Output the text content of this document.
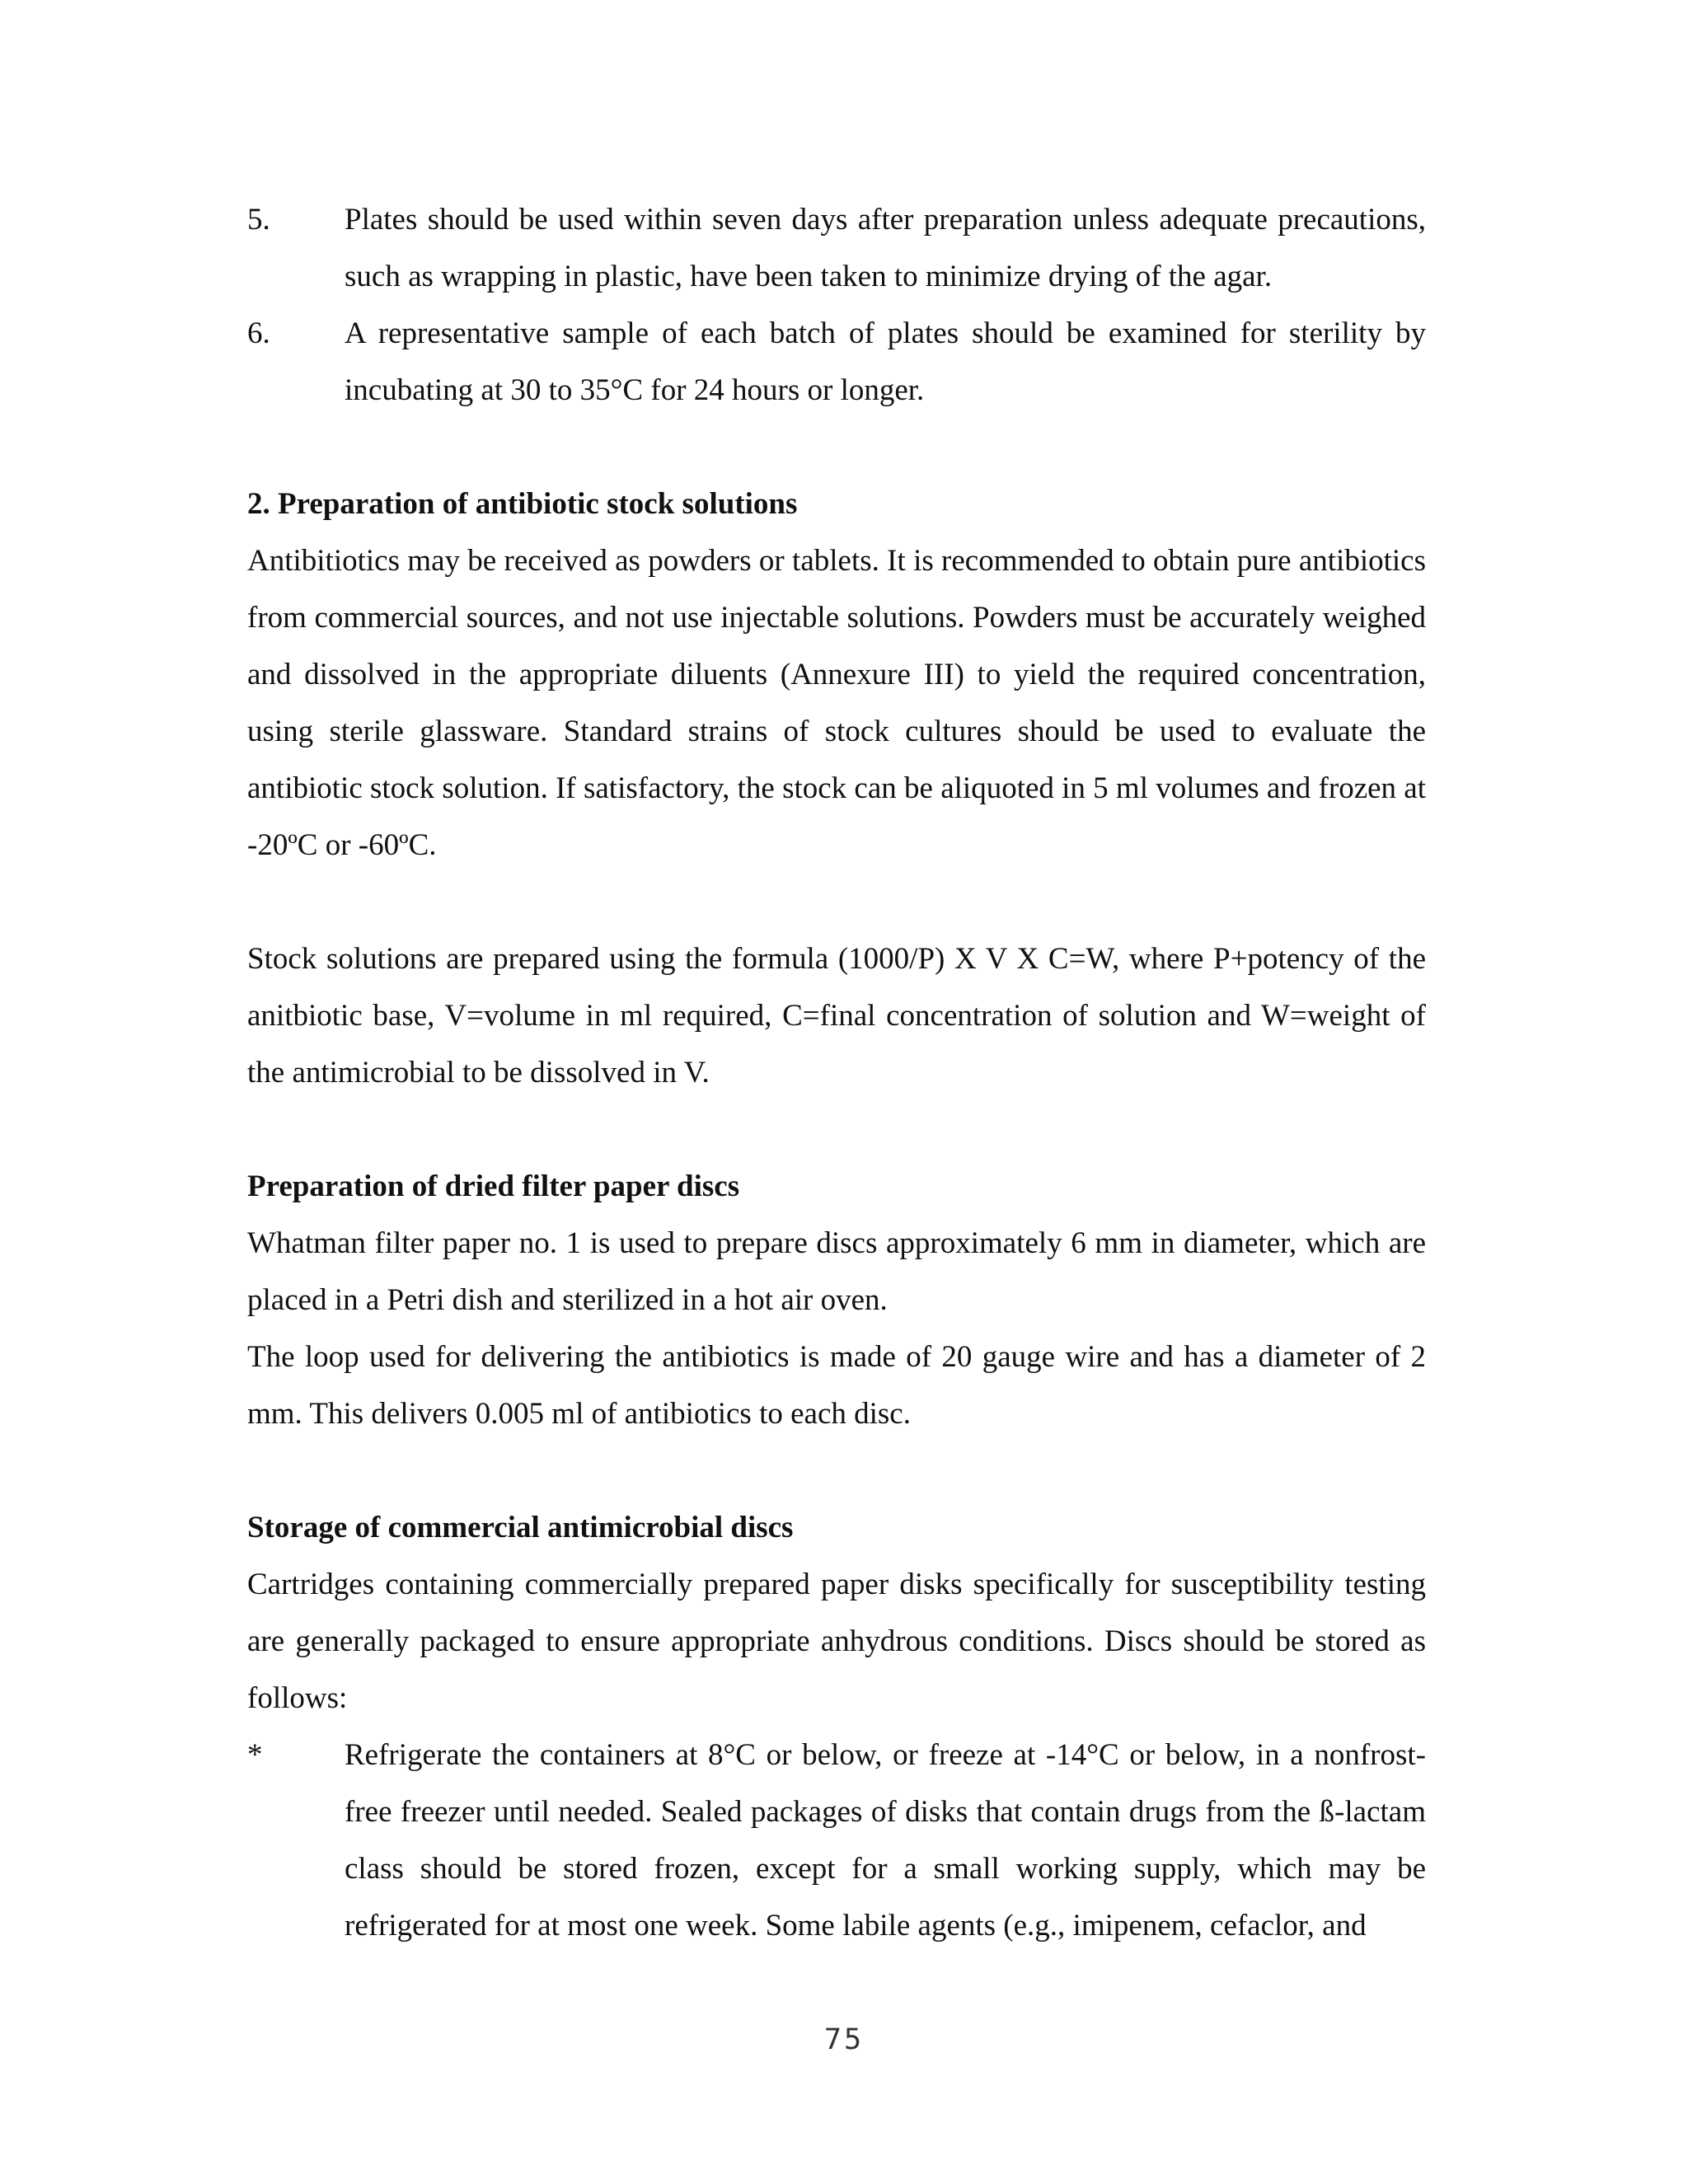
5.	Plates should be used within seven days after preparation unless adequate precautions, such as wrapping in plastic, have been taken to minimize drying of the agar.
6.	A representative sample of each batch of plates should be examined for sterility by incubating at 30 to 35°C for 24 hours or longer.

2. Preparation of antibiotic stock solutions

Antibitiotics may be received as powders or tablets. It is recommended to obtain pure antibiotics from commercial sources, and not use injectable solutions. Powders must be accurately weighed and dissolved in the appropriate diluents (Annexure III) to yield the required concentration, using sterile glassware. Standard strains of stock cultures should be used to evaluate the antibiotic stock solution. If satisfactory, the stock can be aliquoted in 5 ml volumes and frozen at -20ºC or -60ºC.

Stock solutions are prepared using the formula (1000/P) X V X C=W, where P+potency of the anitbiotic base, V=volume in ml required, C=final concentration of solution and W=weight of the antimicrobial to be dissolved in V.

Preparation of dried filter paper discs

Whatman filter paper no. 1 is used to prepare discs approximately 6 mm in diameter, which are placed in a Petri dish and sterilized in a hot air oven.

The loop used for delivering the antibiotics is made of 20 gauge wire and has a diameter of 2 mm. This delivers 0.005 ml of antibiotics to each disc.

Storage of commercial antimicrobial discs

Cartridges containing commercially prepared paper disks specifically for susceptibility testing are generally packaged to ensure appropriate anhydrous conditions. Discs should be stored as follows:

*	Refrigerate the containers at 8°C or below, or freeze at -14°C or below, in a nonfrost-free freezer until needed. Sealed packages of disks that contain drugs from the ß-lactam class should be stored frozen, except for a small working supply, which may be refrigerated for at most one week. Some labile agents (e.g., imipenem, cefaclor, and
75
